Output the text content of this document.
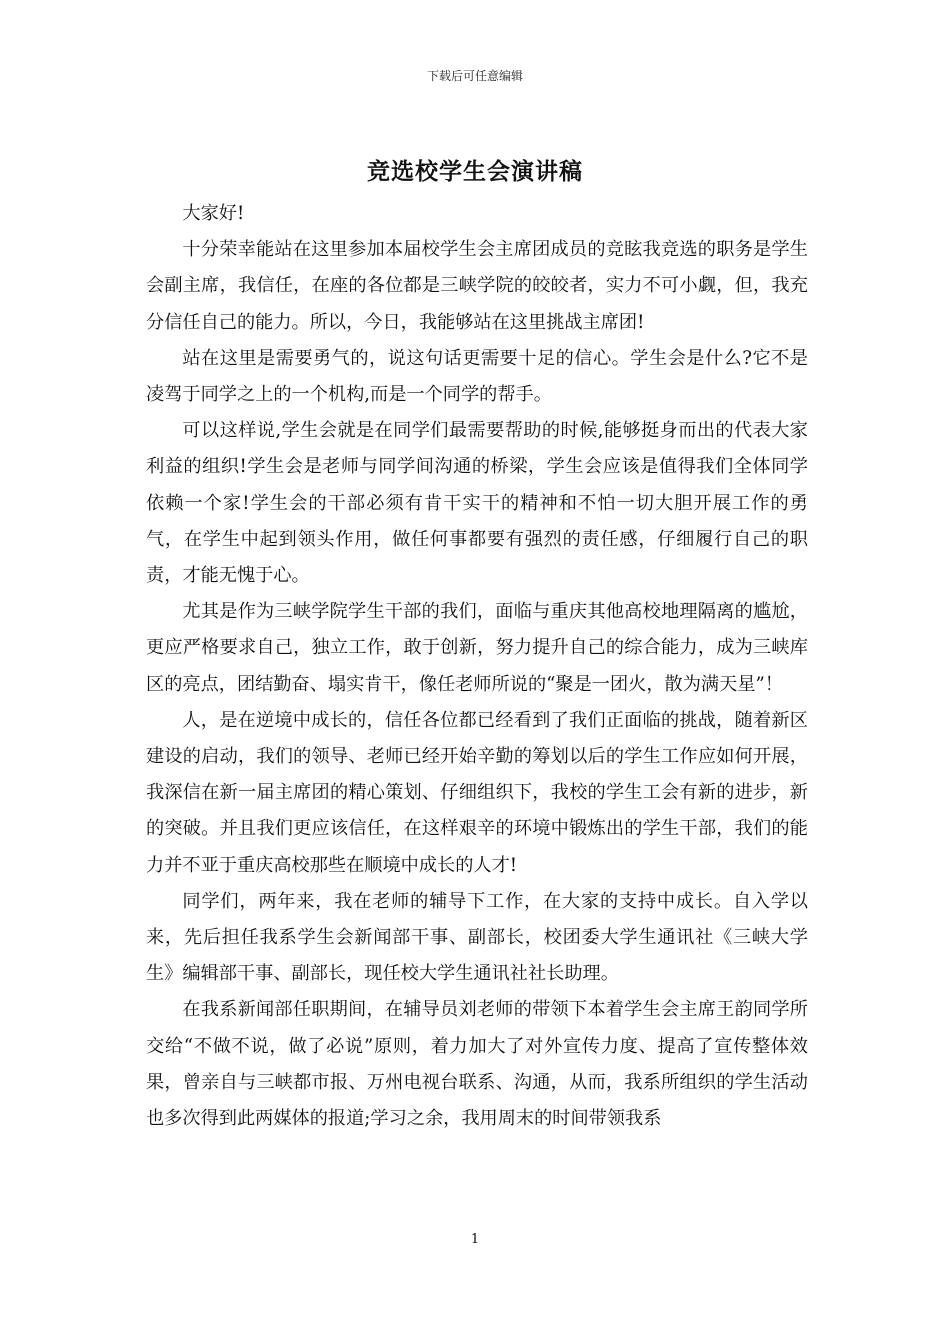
下载后可任意编辑
竞选校学生会演讲稿

大家好!

十分荣幸能站在这里参加本届校学生会主席团成员的竞眩我竞选的职务是学生会副主席，我信任，在座的各位都是三峡学院的皎皎者，实力不可小觑，但，我充分信任自己的能力。所以，今日，我能够站在这里挑战主席团!

站在这里是需要勇气的，说这句话更需要十足的信心。学生会是什么?它不是凌驾于同学之上的一个机构,而是一个同学的帮手。

可以这样说,学生会就是在同学们最需要帮助的时候,能够挺身而出的代表大家利益的组织!学生会是老师与同学间沟通的桥梁，学生会应该是值得我们全体同学依赖一个家!学生会的干部必须有肯干实干的精神和不怕一切大胆开展工作的勇气，在学生中起到领头作用，做任何事都要有强烈的责任感，仔细履行自己的职责，才能无愧于心。

尤其是作为三峡学院学生干部的我们，面临与重庆其他高校地理隔离的尴尬，更应严格要求自己，独立工作，敢于创新，努力提升自己的综合能力，成为三峡库区的亮点，团结勤奋、塌实肯干，像任老师所说的“聚是一团火，散为满天星”！

人，是在逆境中成长的，信任各位都已经看到了我们正面临的挑战，随着新区建设的启动，我们的领导、老师已经开始辛勤的筹划以后的学生工作应如何开展，我深信在新一届主席团的精心策划、仔细组织下，我校的学生工会有新的进步，新的突破。并且我们更应该信任，在这样艰辛的环境中锻炼出的学生干部，我们的能力并不亚于重庆高校那些在顺境中成长的人才!

同学们，两年来，我在老师的辅导下工作，在大家的支持中成长。自入学以来，先后担任我系学生会新闻部干事、副部长，校团委大学生通讯社《三峡大学生》编辑部干事、副部长，现任校大学生通讯社社长助理。

在我系新闻部任职期间，在辅导员刘老师的带领下本着学生会主席王韵同学所交给“不做不说，做了必说”原则，着力加大了对外宣传力度、提高了宣传整体效果，曾亲自与三峡都市报、万州电视台联系、沟通，从而，我系所组织的学生活动也多次得到此两媒体的报道;学习之余，我用周末的时间带领我系

1
